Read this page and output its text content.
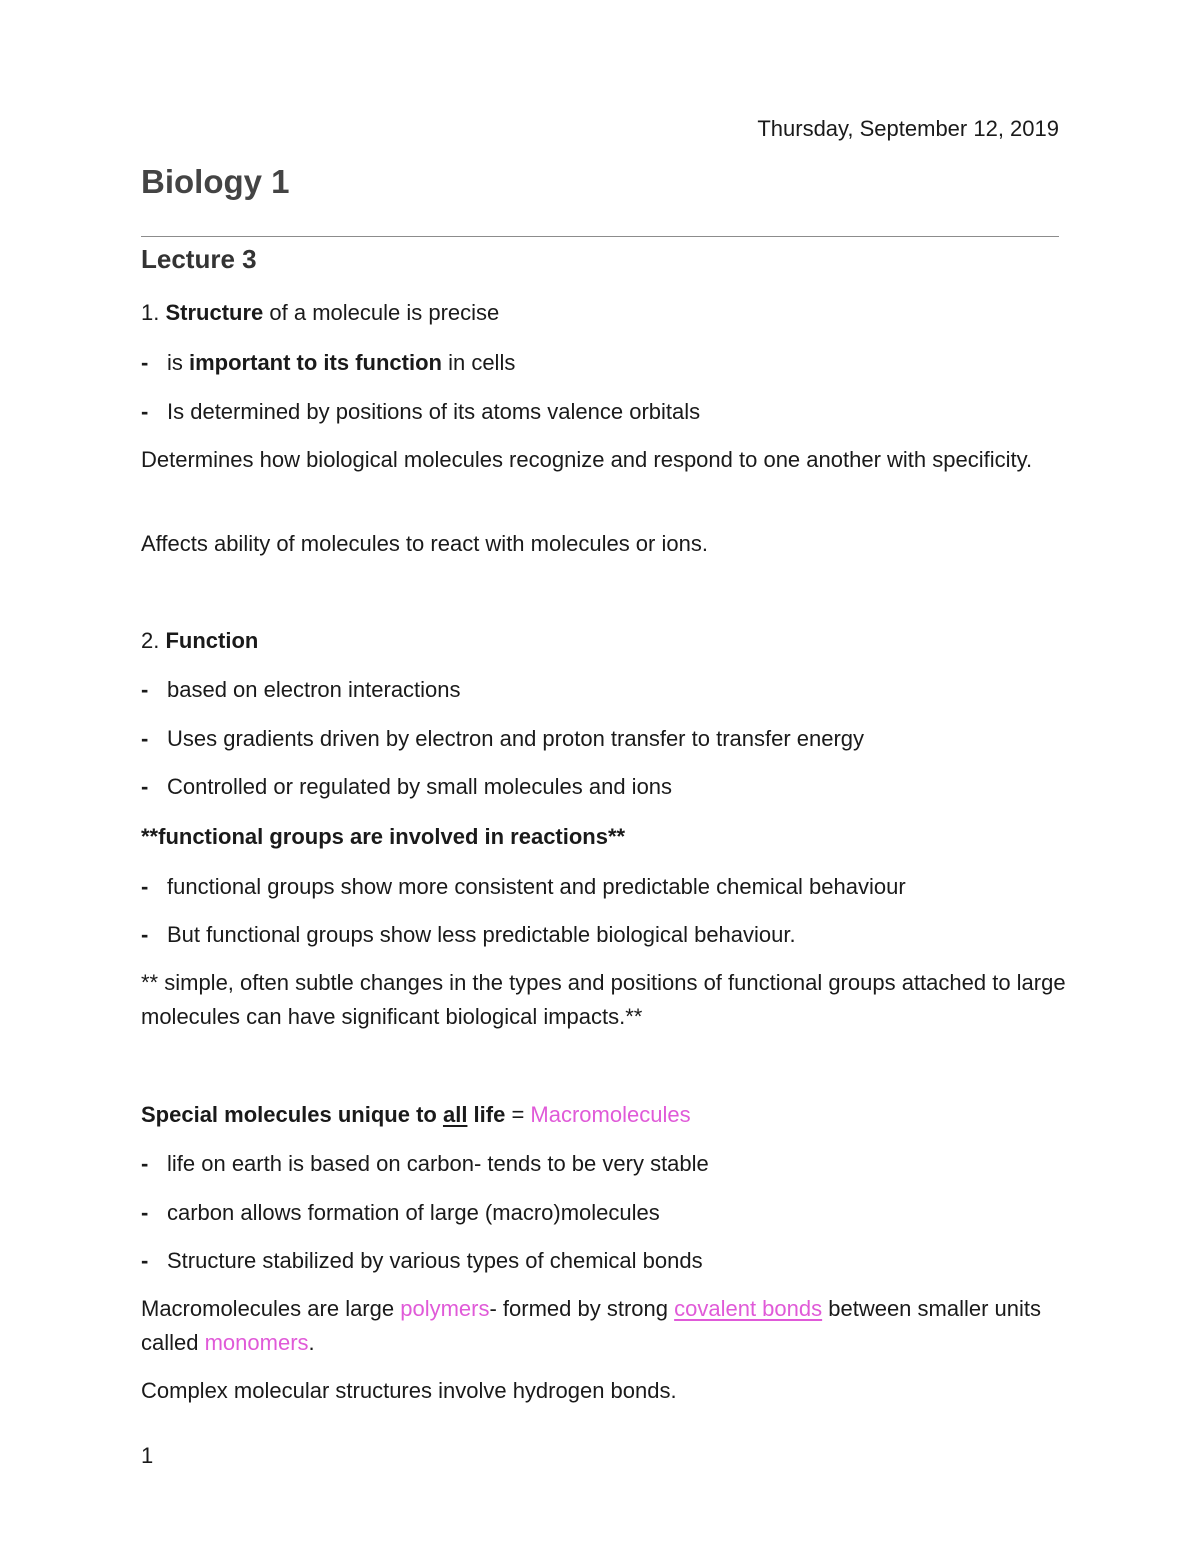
Thursday, September 12, 2019

Biology 1
Lecture 3

1. Structure of a molecule is precise

- is important to its function in cells

- Is determined by positions of its atoms valence orbitals

Determines how biological molecules recognize and respond to one another with specificity.

Affects ability of molecules to react with molecules or ions.

2. Function

- based on electron interactions

- Uses gradients driven by electron and proton transfer to transfer energy

- Controlled or regulated by small molecules and ions

**functional groups are involved in reactions**

- functional groups show more consistent and predictable chemical behaviour

- But functional groups show less predictable biological behaviour.

** simple, often subtle changes in the types and positions of functional groups attached to large molecules can have significant biological impacts.**

Special molecules unique to all life = Macromolecules

- life on earth is based on carbon- tends to be very stable

- carbon allows formation of large (macro)molecules

- Structure stabilized by various types of chemical bonds

Macromolecules are large polymers- formed by strong covalent bonds between smaller units called monomers.

Complex molecular structures involve hydrogen bonds.

1
